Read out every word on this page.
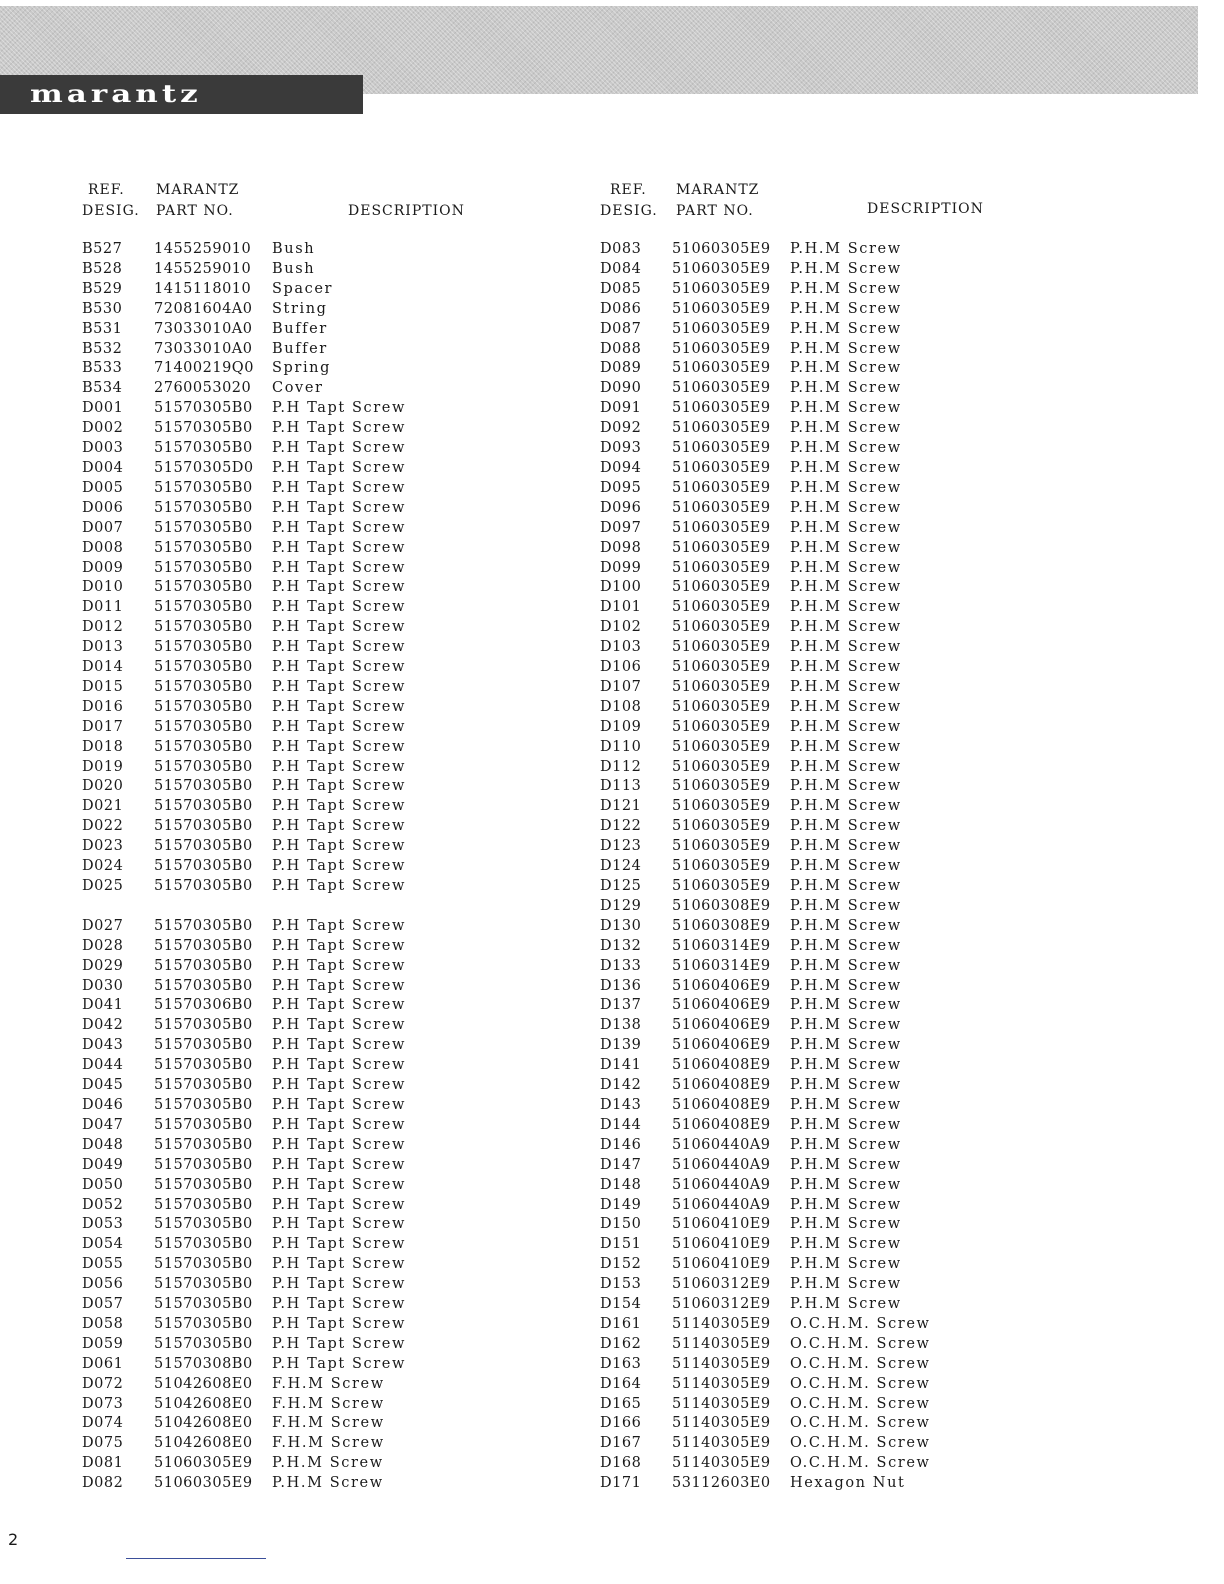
marantz
REF.
DESIG.
MARANTZ
PART NO.	DESCRIPTION
B527 1455259010 Bush
B528 1455259010 Bush
B529 1415118010 Spacer
B530 72081604A0 String
B531 73033010A0 Buffer
B532 73033010A0 Buffer
B533 71400219Q0 Spring
B534 2760053020 Cover
D001 51570305B0 P.H Tapt Screw
D002 51570305B0 P.H Tapt Screw
D003 51570305B0 P.H Tapt Screw
D004 51570305D0 P.H Tapt Screw
D005 51570305B0 P.H Tapt Screw
D006 51570305B0 P.H Tapt Screw
D007 51570305B0 P.H Tapt Screw
D008 51570305B0 P.H Tapt Screw
D009 51570305B0 P.H Tapt Screw
D010 51570305B0 P.H Tapt Screw
D011 51570305B0 P.H Tapt Screw
D012 51570305B0 P.H Tapt Screw
D013 51570305B0 P.H Tapt Screw
D014 51570305B0 P.H Tapt Screw
D015 51570305B0 P.H Tapt Screw
D016 51570305B0 P.H Tapt Screw
D017 51570305B0 P.H Tapt Screw
D018 51570305B0 P.H Tapt Screw
D019 51570305B0 P.H Tapt Screw
D020 51570305B0 P.H Tapt Screw
D021 51570305B0 P.H Tapt Screw
D022 51570305B0 P.H Tapt Screw
D023 51570305B0 P.H Tapt Screw
D024 51570305B0 P.H Tapt Screw
D025 51570305B0 P.H Tapt Screw
D027 51570305B0 P.H Tapt Screw
D028 51570305B0 P.H Tapt Screw
D029 51570305B0 P.H Tapt Screw
D030 51570305B0 P.H Tapt Screw
D041 51570306B0 P.H Tapt Screw
D042 51570305B0 P.H Tapt Screw
D043 51570305B0 P.H Tapt Screw
D044 51570305B0 P.H Tapt Screw
D045 51570305B0 P.H Tapt Screw
D046 51570305B0 P.H Tapt Screw
D047 51570305B0 P.H Tapt Screw
D048 51570305B0 P.H Tapt Screw
D049 51570305B0 P.H Tapt Screw
D050 51570305B0 P.H Tapt Screw
D052 51570305B0 P.H Tapt Screw
D053 51570305B0 P.H Tapt Screw
D054 51570305B0 P.H Tapt Screw
D055 51570305B0 P.H Tapt Screw
D056 51570305B0 P.H Tapt Screw
D057 51570305B0 P.H Tapt Screw
D058 51570305B0 P.H Tapt Screw
D059 51570305B0 P.H Tapt Screw
D061 51570308B0 P.H Tapt Screw
D072 51042608E0 F.H.M Screw
D073 51042608E0 F.H.M Screw
D074 51042608E0 F.H.M Screw
D075 51042608E0 F.H.M Screw
D081 51060305E9 P.H.M Screw
D082 51060305E9 P.H.M Screw
REF.
DESIG.
MARANTZ
PART NO.	DESCRIPTION
D083 51060305E9 P.H.M Screw
D084 51060305E9 P.H.M Screw
D085 51060305E9 P.H.M Screw
D086 51060305E9 P.H.M Screw
D087 51060305E9 P.H.M Screw
D088 51060305E9 P.H.M Screw
D089 51060305E9 P.H.M Screw
D090 51060305E9 P.H.M Screw
D091 51060305E9 P.H.M Screw
D092 51060305E9 P.H.M Screw
D093 51060305E9 P.H.M Screw
D094 51060305E9 P.H.M Screw
D095 51060305E9 P.H.M Screw
D096 51060305E9 P.H.M Screw
D097 51060305E9 P.H.M Screw
D098 51060305E9 P.H.M Screw
D099 51060305E9 P.H.M Screw
D100 51060305E9 P.H.M Screw
D101 51060305E9 P.H.M Screw
D102 51060305E9 P.H.M Screw
D103 51060305E9 P.H.M Screw
D106 51060305E9 P.H.M Screw
D107 51060305E9 P.H.M Screw
D108 51060305E9 P.H.M Screw
D109 51060305E9 P.H.M Screw
D110 51060305E9 P.H.M Screw
D112 51060305E9 P.H.M Screw
D113 51060305E9 P.H.M Screw
D121 51060305E9 P.H.M Screw
D122 51060305E9 P.H.M Screw
D123 51060305E9 P.H.M Screw
D124 51060305E9 P.H.M Screw
D125 51060305E9 P.H.M Screw
D129 51060308E9 P.H.M Screw
D130 51060308E9 P.H.M Screw
D132 51060314E9 P.H.M Screw
D133 51060314E9 P.H.M Screw
D136 51060406E9 P.H.M Screw
D137 51060406E9 P.H.M Screw
D138 51060406E9 P.H.M Screw
D139 51060406E9 P.H.M Screw
D141 51060408E9 P.H.M Screw
D142 51060408E9 P.H.M Screw
D143 51060408E9 P.H.M Screw
D144 51060408E9 P.H.M Screw
D146 51060440A9 P.H.M Screw
D147 51060440A9 P.H.M Screw
D148 51060440A9 P.H.M Screw
D149 51060440A9 P.H.M Screw
D150 51060410E9 P.H.M Screw
D151 51060410E9 P.H.M Screw
D152 51060410E9 P.H.M Screw
D153 51060312E9 P.H.M Screw
D154 51060312E9 P.H.M Screw
D161 51140305E9 O.C.H.M. Screw
D162 51140305E9 O.C.H.M. Screw
D163 51140305E9 O.C.H.M. Screw
D164 51140305E9 O.C.H.M. Screw
D165 51140305E9 O.C.H.M. Screw
D166 51140305E9 O.C.H.M. Screw
D167 51140305E9 O.C.H.M. Screw
D168 51140305E9 O.C.H.M. Screw
D171 53112603E0 Hexagon Nut
2
